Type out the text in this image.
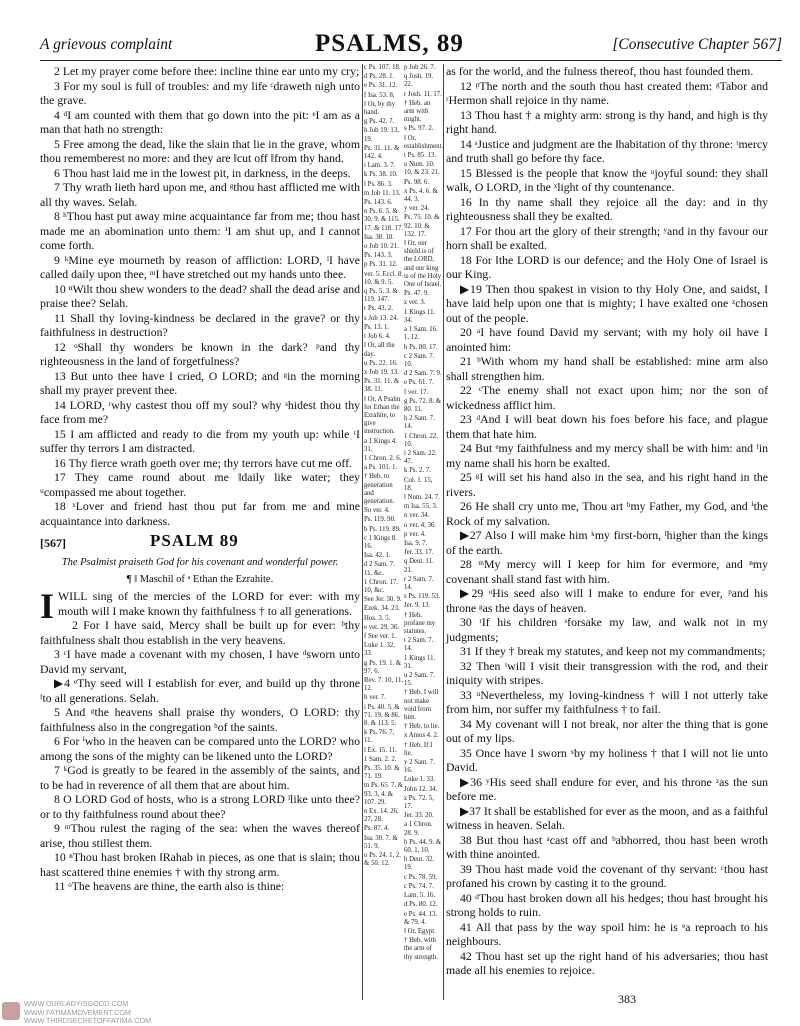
A grievous complaint	PSALMS, 89	[Consecutive Chapter 567]

2 Let my prayer come before thee: incline thine ear unto my cry;

3 For my soul is full of troubles: and my life ᶜdraweth nigh unto the grave.

4 ᵈI am counted with them that go down into the pit: ᵉI am as a man that hath no strength:

5 Free among the dead, like the slain that lie in the grave, whom thou rememberest no more: and they are ‖cut off ‖from thy hand.

6 Thou hast laid me in the lowest pit, in darkness, in the deeps.

7 Thy wrath lieth hard upon me, and ᵍthou hast afflicted me with all thy waves. Selah.

8 ʰThou hast put away mine acquaintance far from me; thou hast made me an abomination unto them: ⁱI am shut up, and I cannot come forth.

9 ᵏMine eye mourneth by reason of affliction: LORD, ˡI have called daily upon thee, ᵐI have stretched out my hands unto thee.

10 ⁿWilt thou shew wonders to the dead? shall the dead arise and praise thee? Selah.

11 Shall thy loving-kindness be declared in the grave? or thy faithfulness in destruction?

12 ᵒShall thy wonders be known in the dark? ᵖand thy righteousness in the land of forgetfulness?

13 But unto thee have I cried, O LORD; and ᵍin the morning shall my prayer prevent thee.

14 LORD, ʳwhy castest thou off my soul? why ˢhidest thou thy face from me?

15 I am afflicted and ready to die from my youth up: while ᵗI suffer thy terrors I am distracted.

16 Thy fierce wrath goeth over me; thy terrors have cut me off.

17 They came round about me ‖daily like water; they ᵘcompassed me about together.

18 ˣLover and friend hast thou put far from me and mine acquaintance into darkness.

[567]	PSALM 89
The Psalmist praiseth God for his covenant and wonderful power.
¶ ‖ Maschil of ᵃ Ethan the Ezrahite.

IWILL sing of the mercies of the LORD for ever: with my mouth will I make known thy faithfulness † to all generations.

2 For I have said, Mercy shall be built up for ever: ᵇthy faithfulness shalt thou establish in the very heavens.

3 ᶜI have made a covenant with my chosen, I have ᵈsworn unto David my servant,

▶4 ᵉThy seed will I establish for ever, and build up thy throne ᶠto all generations. Selah.

5 And ᵍthe heavens shall praise thy wonders, O LORD: thy faithfulness also in the congregation ʰof the saints.

6 For ⁱwho in the heaven can be compared unto the LORD? who among the sons of the mighty can be likened unto the LORD?

7 ᵏGod is greatly to be feared in the assembly of the saints, and to be had in reverence of all them that are about him.

8 O LORD God of hosts, who is a strong LORD ˡlike unto thee? or to thy faithfulness round about thee?

9 ᵐThou rulest the raging of the sea: when the waves thereof arise, thou stillest them.

10 ⁿThou hast broken ‖Rahab in pieces, as one that is slain; thou hast scattered thine enemies † with thy strong arm.

11 ᵒThe heavens are thine, the earth also is thine:

c Ps. 107. 18.
d Ps. 28. 1.
e Ps. 31. 12.
f Isa. 53. 8.
‖ Or, by thy hand.
g Ps. 42. 7.
h Job 19. 13, 19.
Ps. 31. 11. & 142. 4.
i Lam. 3. 7.
k Ps. 38. 10.
l Ps. 86. 3.
m Job 11. 13.
Ps. 143. 6.
n Ps. 6. 5. & 30. 9. & 115. 17. & 118. 17.
Isa. 38. 18.
o Job 10. 21.
Ps. 143. 3.
p Ps. 31. 12.
ver. 5. Eccl. 8. 10. & 9. 5.
q Ps. 5. 3. & 119. 147.
r Ps. 43. 2.
s Job 13. 24.
Ps. 13. 1.
t Job 6. 4.
‖ Or, all the day.
u Ps. 22. 16.
x Job 19. 13.
Ps. 31. 11. & 38. 11.
‖ Or, A Psalm for Ethan the Ezrahite, to give instruction.
a 1 Kings 4. 31.
1 Chron. 2. 6.
a Ps. 101. 1.
† Heb. to generation and generation.
So ver. 4.
Ps. 119. 90.
b Ps. 119. 89.
c 1 Kings 8. 16.
Isa. 42. 1.
d 2 Sam. 7. 11. &c.
1 Chron. 17. 10, &c.
See Jer. 30. 9.
Ezek. 34. 23.
Hos. 3. 5.
e ver. 29, 36.
f See ver. 1.
Luke 1. 32, 33.
g Ps. 19. 1. & 97. 6.
Rev. 7. 10, 11, 12.
h ver. 7.
i Ps. 40. 5. & 71. 19. & 86. 8. & 113. 5.
k Ps. 76. 7, 11.
l Ex. 15. 11.
1 Sam. 2. 2.
Ps. 35. 10. & 71. 19.
m Ps. 65. 7. & 93. 3, 4. & 107. 29.
n Ex. 14. 26, 27, 28.
Ps. 87. 4.
Isa. 30. 7. & 51. 9.
o Ps. 24. 1, 2. & 50. 12.
p Job 26. 7.
q Josh. 19. 22.
r Josh. 11. 17.
† Heb. an arm with might.
s Ps. 97. 2.
‖ Or, establishment.
t Ps. 85. 13.
u Num. 10. 10. & 23. 21.
Ps. 98. 6.
x Ps. 4. 6. & 44. 3.
y ver. 24.
Ps. 75. 10. & 92. 10. & 132. 17.
‖ Or, our shield is of the LORD, and our king is of the Holy One of Israel.
Ps. 47. 9.
z ver. 3.
1 Kings 11. 34.
a 1 Sam. 16. 1, 12.
b Ps. 80. 17.
c 2 Sam. 7. 10.
d 2 Sam. 7. 9.
e Ps. 61. 7.
f ver. 17.
g Ps. 72. 8. & 80. 11.
h 2 Sam. 7. 14.
1 Chron. 22. 10.
i 2 Sam. 22. 47.
k Ps. 2. 7.
Col. 1. 15, 18.
l Num. 24. 7.
m Isa. 55. 3.
n ver. 34.
o ver. 4, 36.
p ver. 4.
Isa. 9. 7.
Jer. 33. 17.
q Deut. 11. 21.
r 2 Sam. 7. 14.
s Ps. 119. 53.
Jer. 9. 13.
† Heb. profane my statutes.
t 2 Sam. 7. 14.
1 Kings 11. 31.
u 2 Sam. 7. 15.
† Heb. I will not make void from him.
† Heb. to lie.
x Amos 4. 2.
† Heb. If I lie.
y 2 Sam. 7. 16.
Luke 1. 33.
John 12. 34.
z Ps. 72. 5, 17.
Jer. 33. 20.
a 1 Chron. 28. 9.
b Ps. 44. 9. & 60. 1, 10.
b Deut. 32. 19.
c Ps. 78. 59.
c Ps. 74. 7.
Lam. 5. 16.
d Ps. 80. 12.
e Ps. 44. 13. & 79. 4.
‖ Or, Egypt.
† Heb. with the arm of thy strength.

as for the world, and the fulness thereof, thou hast founded them.

12 ᵖThe north and the south thou hast created them: ᵍTabor and ʳHermon shall rejoice in thy name.

13 Thou hast † a mighty arm: strong is thy hand, and high is thy right hand.

14 ˢJustice and judgment are the ‖habitation of thy throne: ᵗmercy and truth shall go before thy face.

15 Blessed is the people that know the ᵘjoyful sound: they shall walk, O LORD, in the ˣlight of thy countenance.

16 In thy name shall they rejoice all the day: and in thy righteousness shall they be exalted.

17 For thou art the glory of their strength; ʸand in thy favour our horn shall be exalted.

18 For ‖the LORD is our defence; and the Holy One of Israel is our King.

▶19 Then thou spakest in vision to thy Holy One, and saidst, I have laid help upon one that is mighty; I have exalted one ᶻchosen out of the people.

20 ᵃI have found David my servant; with my holy oil have I anointed him:

21 ᵇWith whom my hand shall be established: mine arm also shall strengthen him.

22 ᶜThe enemy shall not exact upon him; nor the son of wickedness afflict him.

23 ᵈAnd I will beat down his foes before his face, and plague them that hate him.

24 But ᵉmy faithfulness and my mercy shall be with him: and ᶠin my name shall his horn be exalted.

25 ᵍI will set his hand also in the sea, and his right hand in the rivers.

26 He shall cry unto me, Thou art ʰmy Father, my God, and ⁱthe Rock of my salvation.

▶27 Also I will make him ᵏmy first-born, ˡhigher than the kings of the earth.

28 ᵐMy mercy will I keep for him for evermore, and ⁿmy covenant shall stand fast with him.

▶29 ᵒHis seed also will I make to endure for ever, ᵖand his throne ᵍas the days of heaven.

30 ʳIf his children ˢforsake my law, and walk not in my judgments;

31 If they † break my statutes, and keep not my commandments;

32 Then ᵗwill I visit their transgression with the rod, and their iniquity with stripes.

33 ᵘNevertheless, my loving-kindness † will I not utterly take from him, nor suffer my faithfulness † to fail.

34 My covenant will I not break, nor alter the thing that is gone out of my lips.

35 Once have I sworn ˣby my holiness † that I will not lie unto David.

▶36 ʸHis seed shall endure for ever, and his throne ᶻas the sun before me.

▶37 It shall be established for ever as the moon, and as a faithful witness in heaven. Selah.

38 But thou hast ᵃcast off and ᵇabhorred, thou hast been wroth with thine anointed.

39 Thou hast made void the covenant of thy servant: ᶜthou hast profaned his crown by casting it to the ground.

40 ᵈThou hast broken down all his hedges; thou hast brought his strong holds to ruin.

41 All that pass by the way spoil him: he is ᵉa reproach to his neighbours.

42 Thou hast set up the right hand of his adversaries; thou hast made all his enemies to rejoice.

WWW.OURLADYISGOOD.COM
WWW.FATIMAMOVEMENT.COM
WWW.THIRDSECRETOFFATIMA.COM
383
